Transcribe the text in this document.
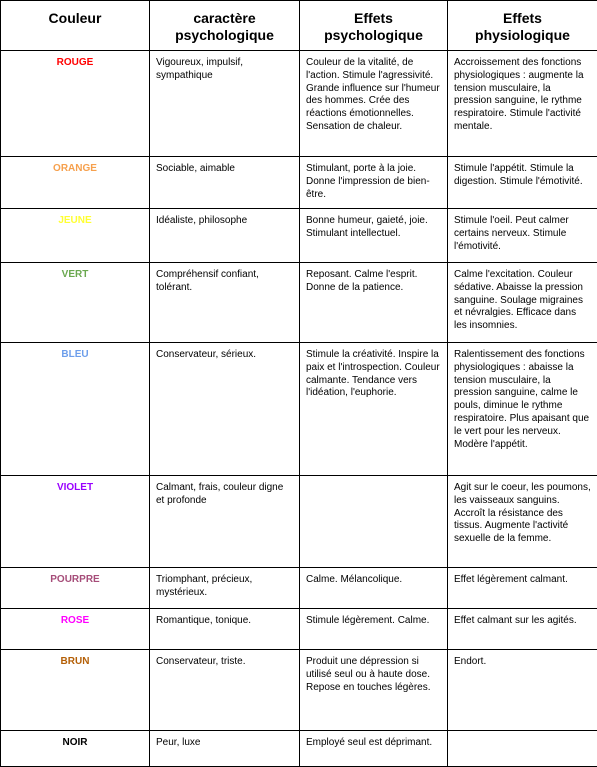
Couleur	caractère psychologique	Effets psychologique	Effets physiologique
ROUGE	Vigoureux, impulsif, sympathique	Couleur de la vitalité, de l'action. Stimule l'agressivité. Grande influence sur l'humeur des hommes. Crée des réactions émotionnelles. Sensation de chaleur.	Accroissement des fonctions physiologiques : augmente la tension musculaire, la pression sanguine, le rythme respiratoire. Stimule l'activité mentale.
ORANGE	Sociable, aimable	Stimulant, porte à la joie. Donne l'impression de bien-être.	Stimule l'appétit. Stimule la digestion. Stimule l'émotivité.
JEUNE	Idéaliste, philosophe	Bonne humeur, gaieté, joie. Stimulant intellectuel.	Stimule l'oeil. Peut calmer certains nerveux. Stimule l'émotivité.
VERT	Compréhensif confiant, tolérant.	Reposant. Calme l'esprit. Donne de la patience.	Calme l'excitation. Couleur sédative. Abaisse la pression sanguine. Soulage migraines et névralgies. Efficace dans les insomnies.
BLEU	Conservateur, sérieux.	Stimule la créativité. Inspire la paix et l'introspection. Couleur calmante. Tendance vers l'idéation, l'euphorie.	Ralentissement des fonctions physiologiques : abaisse la tension musculaire, la pression sanguine, calme le pouls, diminue le rythme respiratoire. Plus apaisant que le vert pour les nerveux. Modère l'appétit.
VIOLET	Calmant, frais, couleur digne et profonde		Agit sur le coeur, les poumons, les vaisseaux sanguins. Accroît la résistance des tissus. Augmente l'activité sexuelle de la femme.
POURPRE	Triomphant, précieux, mystérieux.	Calme. Mélancolique.	Effet légèrement calmant.
ROSE	Romantique, tonique.	Stimule légèrement. Calme.	Effet calmant sur les agités.
BRUN	Conservateur, triste.	Produit une dépression si utilisé seul ou à haute dose. Repose en touches légères.	Endort.
NOIR	Peur, luxe	Employé seul est déprimant.	
